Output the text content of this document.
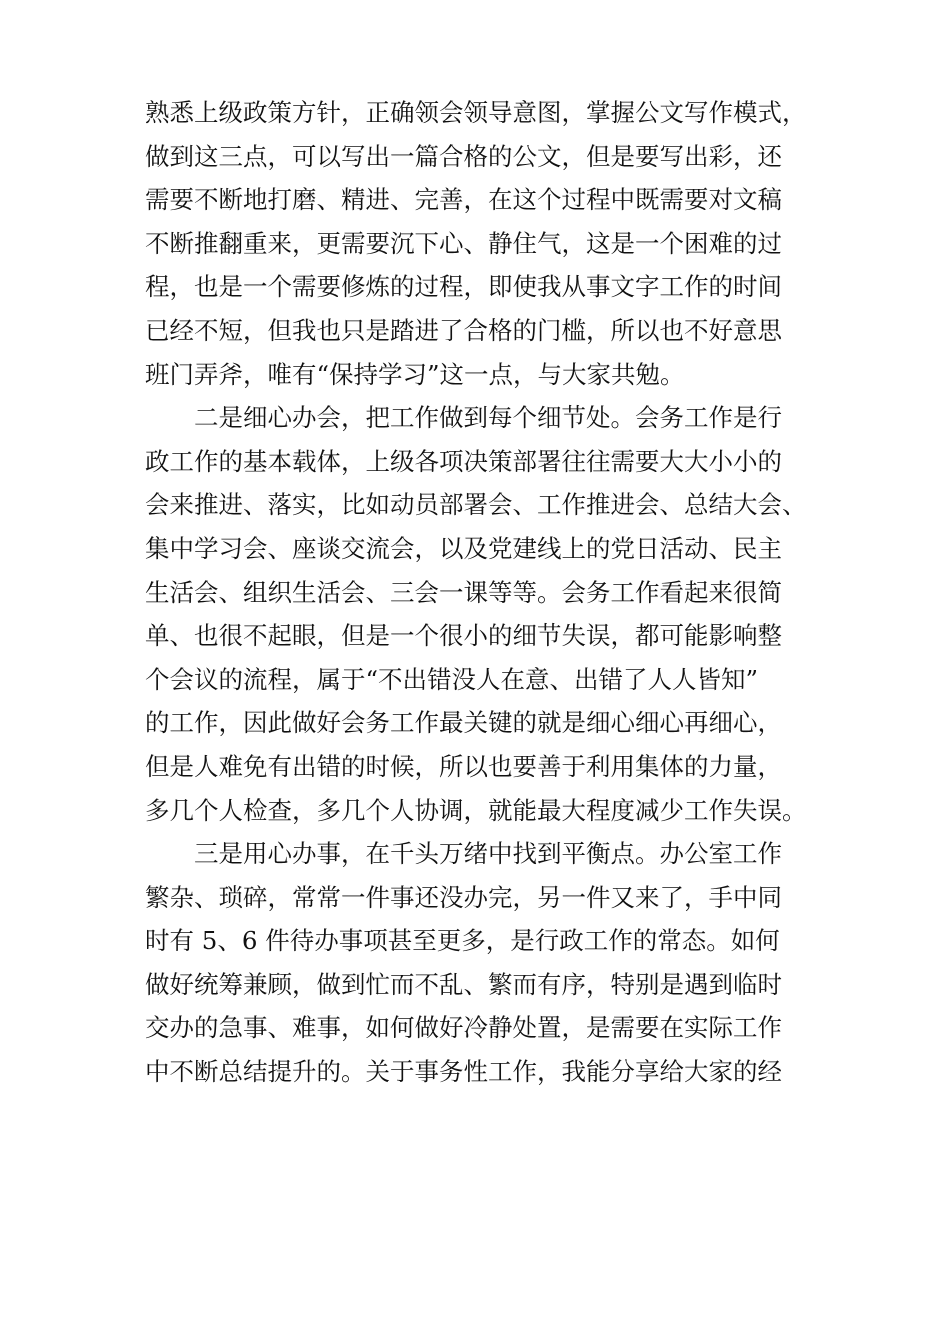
熟悉上级政策方针，正确领会领导意图，掌握公文写作模式，
做到这三点，可以写出一篇合格的公文，但是要写出彩，还
需要不断地打磨、精进、完善，在这个过程中既需要对文稿
不断推翻重来，更需要沉下心、静住气，这是一个困难的过
程，也是一个需要修炼的过程，即使我从事文字工作的时间
已经不短，但我也只是踏进了合格的门槛，所以也不好意思
班门弄斧，唯有“保持学习”这一点，与大家共勉。
二是细心办会，把工作做到每个细节处。会务工作是行
政工作的基本载体，上级各项决策部署往往需要大大小小的
会来推进、落实，比如动员部署会、工作推进会、总结大会、
集中学习会、座谈交流会，以及党建线上的党日活动、民主
生活会、组织生活会、三会一课等等。会务工作看起来很简
单、也很不起眼，但是一个很小的细节失误，都可能影响整
个会议的流程，属于“不出错没人在意、出错了人人皆知”
的工作，因此做好会务工作最关键的就是细心细心再细心，
但是人难免有出错的时候，所以也要善于利用集体的力量，
多几个人检查，多几个人协调，就能最大程度减少工作失误。
三是用心办事，在千头万绪中找到平衡点。办公室工作
繁杂、琐碎，常常一件事还没办完，另一件又来了，手中同
时有 5、6 件待办事项甚至更多，是行政工作的常态。如何
做好统筹兼顾，做到忙而不乱、繁而有序，特别是遇到临时
交办的急事、难事，如何做好冷静处置，是需要在实际工作
中不断总结提升的。关于事务性工作，我能分享给大家的经
